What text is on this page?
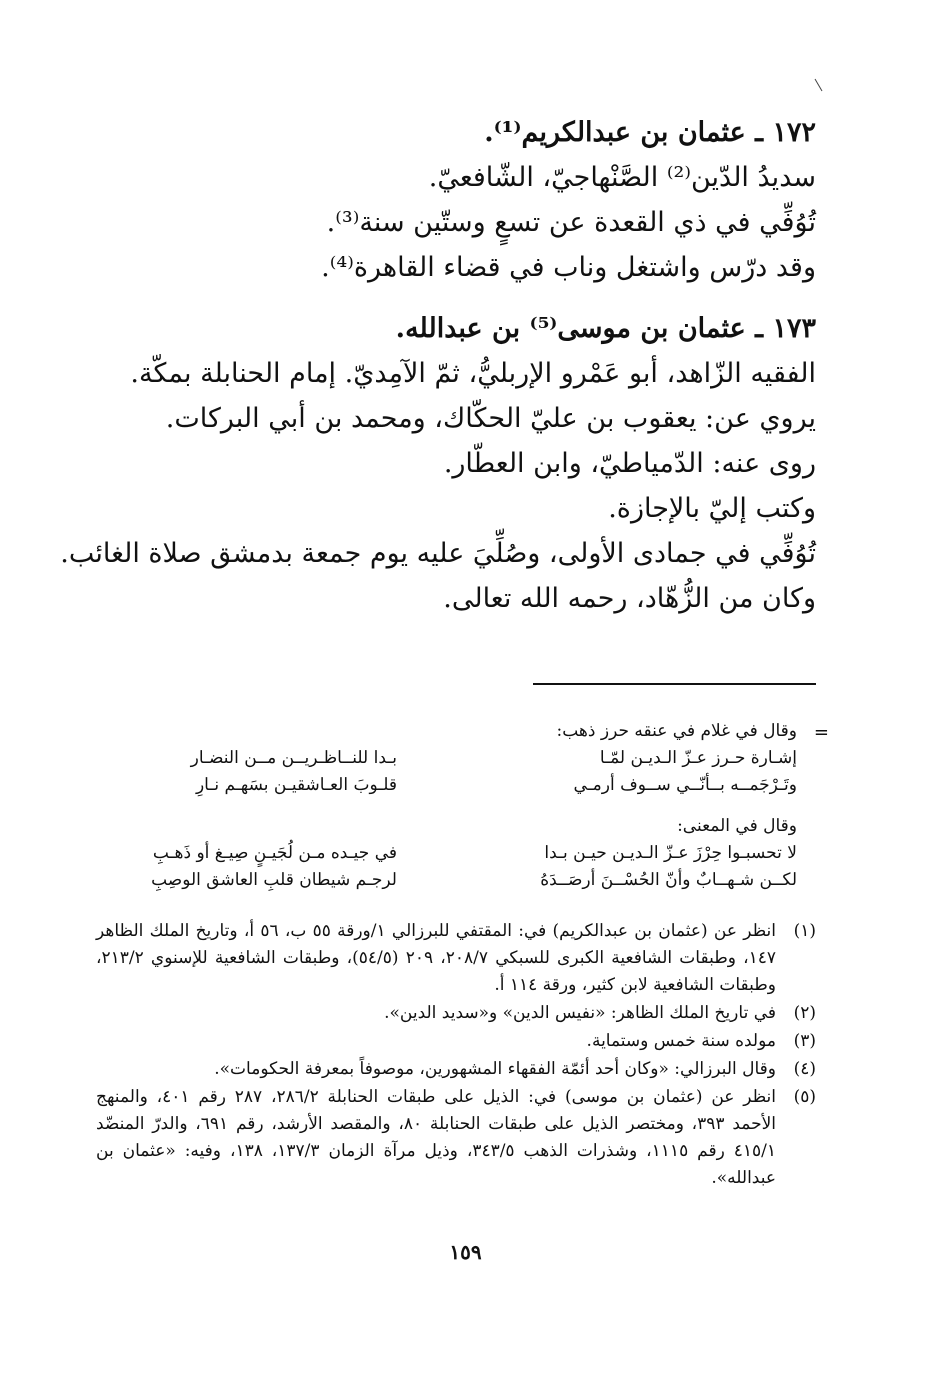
١٧٢ ـ عثمان بن عبدالكريم⁽¹⁾.

سديدُ الدّين⁽²⁾ الصَّنْهاجيّ، الشّافعيّ.

تُوُفِّي في ذي القعدة عن تسعٍ وستّين سنة⁽³⁾.

وقد درّس واشتغل وناب في قضاء القاهرة⁽⁴⁾.

١٧٣ ـ عثمان بن موسى⁽⁵⁾ بن عبدالله.

الفقيه الزّاهد، أبو عَمْرو الإربليُّ، ثمّ الآمِديّ. إمام الحنابلة بمكّة.

يروي عن: يعقوب بن عليّ الحكّاك، ومحمد بن أبي البركات.

روى عنه: الدّمياطيّ، وابن العطّار.

وكتب إليّ بالإجازة.

تُوُفِّي في جمادى الأولى، وصُلِّيَ عليه يوم جمعة بدمشق صلاة الغائب.

وكان من الزُّهّاد، رحمه الله تعالى.

=

وقال في غلام في عنقه حرز ذهب:

إشـارة حـرز عـزّ الـديـن لمّـا
بـدا للنــاظـريــن مــن النضـار
وتَـرْجَمــه بــأنّــي ســوف أرمـي
قلـوبَ العـاشقيـن بسَهـم نـارِ

وقال في المعنى:

لا تحسبـوا حِرْزَ عـزّ الـديـن حيـن بـدا
في جيـده مـن لُجَيـنٍ صِيـغ أو ذَهـبِ
لكــن شـهــابٌ وأنّ الحُسْــنَ أرصَــدَهُ
لرجـم شيطان قلبِ العاشق الوصِبِ
(١)
انظر عن (عثمان بن عبدالكريم) في: المقتفي للبرزالي ١/ورقة ٥٥ ب، ٥٦ أ، وتاريخ الملك الظاهر ١٤٧، وطبقات الشافعية الكبرى للسبكي ٢٠٨/٧، ٢٠٩ (٥٤/٥)، وطبقات الشافعية للإسنوي ٢١٣/٢، وطبقات الشافعية لابن كثير، ورقة ١١٤ أ.
(٢)
في تاريخ الملك الظاهر: «نفيس الدين» و«سديد الدين».
(٣)
مولده سنة خمس وستماية.
(٤)
وقال البرزالي: «وكان أحد أئمّة الفقهاء المشهورين، موصوفاً بمعرفة الحكومات».
(٥)
انظر عن (عثمان بن موسى) في: الذيل على طبقات الحنابلة ٢٨٦/٢، ٢٨٧ رقم ٤٠١، والمنهج الأحمد ٣٩٣، ومختصر الذيل على طبقات الحنابلة ٨٠، والمقصد الأرشد، رقم ٦٩١، والدرّ المنضّد ٤١٥/١ رقم ١١١٥، وشذرات الذهب ٣٤٣/٥، وذيل مرآة الزمان ١٣٧/٣، ١٣٨، وفيه: «عثمان بن عبدالله».
١٥٩
